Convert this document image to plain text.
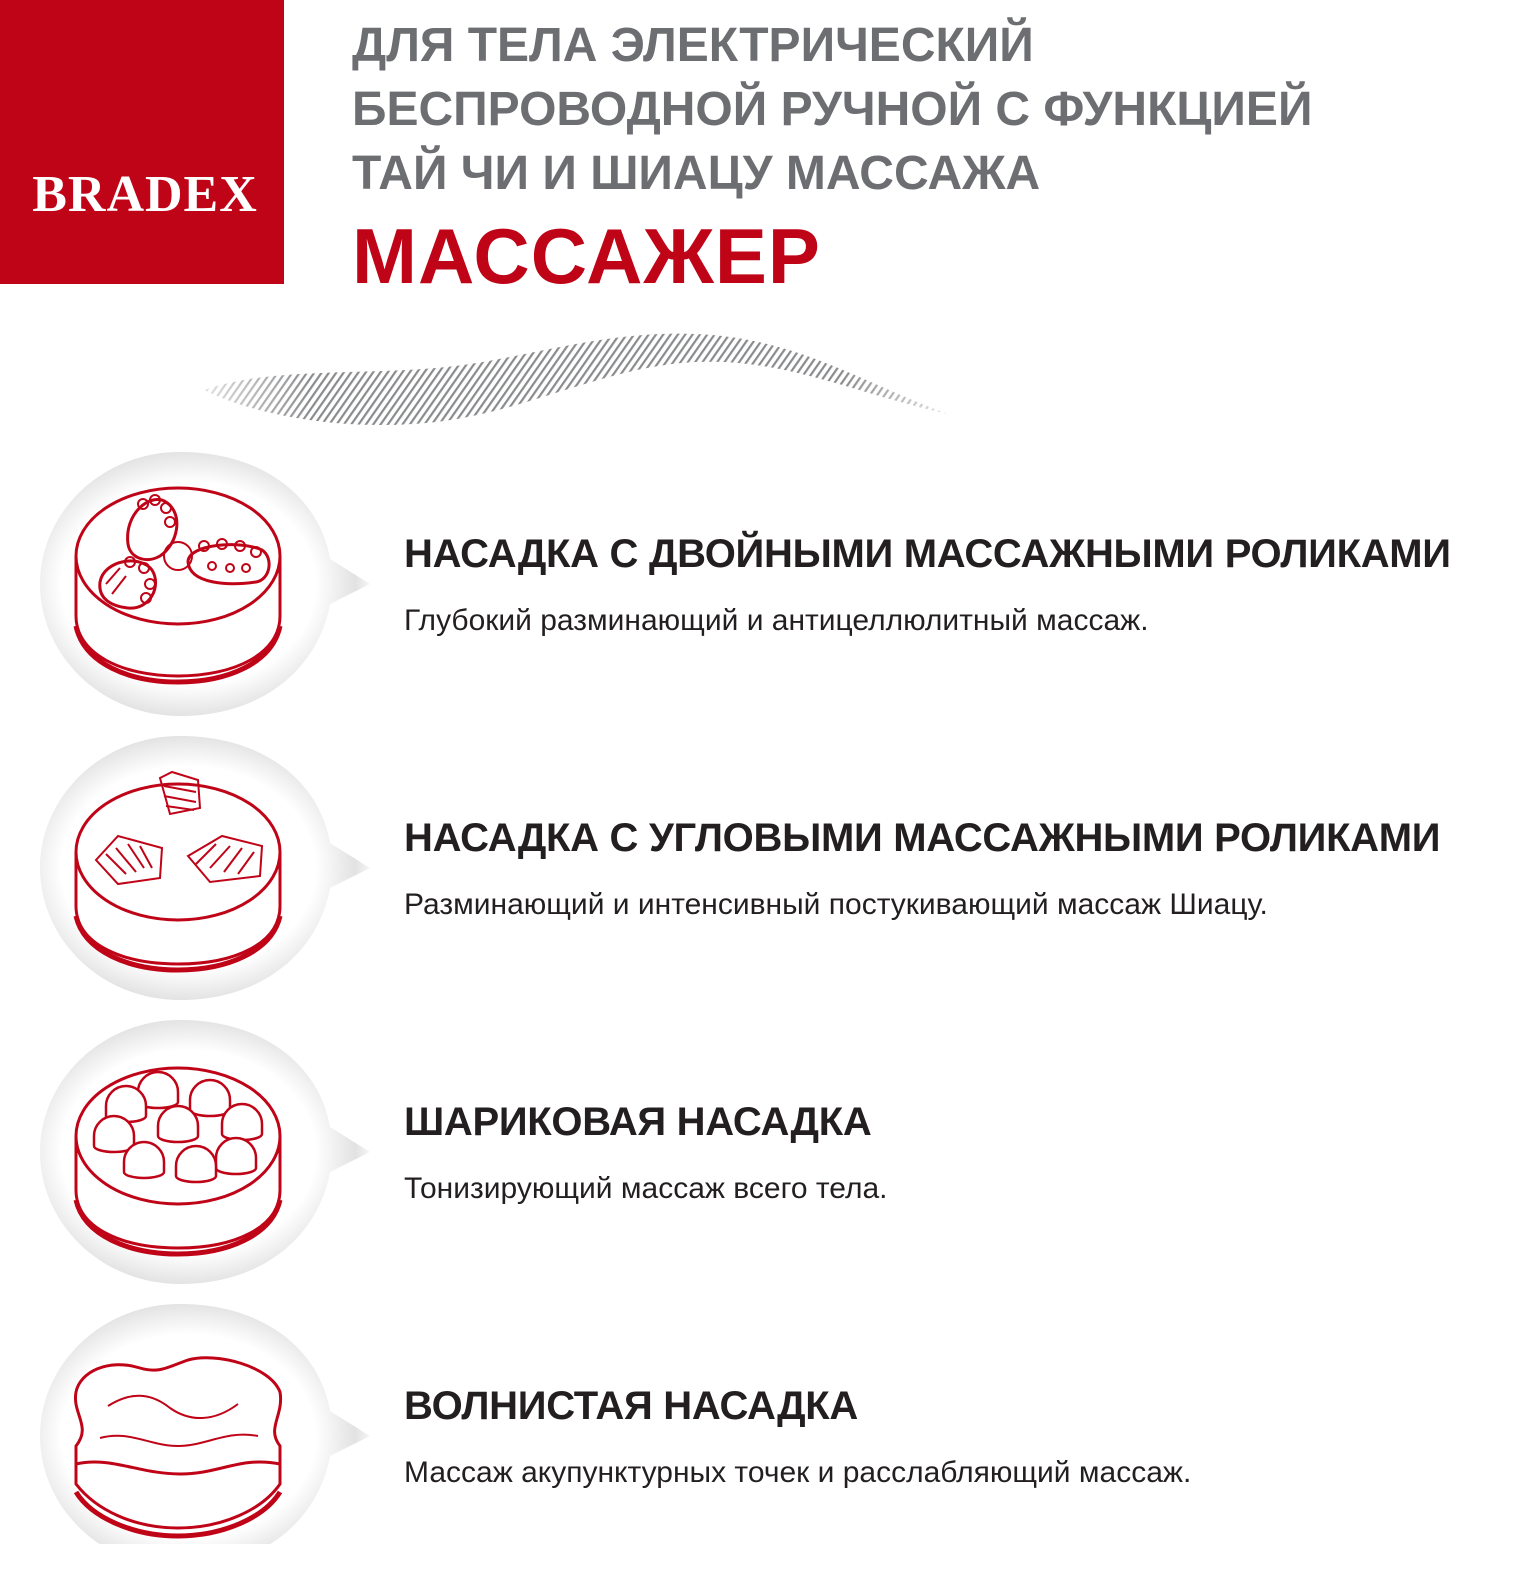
BRADEX
ДЛЯ ТЕЛА ЭЛЕКТРИЧЕСКИЙ
БЕСПРОВОДНОЙ РУЧНОЙ С ФУНКЦИЕЙ
ТАЙ ЧИ И ШИАЦУ МАССАЖА
МАССАЖЕР
НАСАДКА С ДВОЙНЫМИ МАССАЖНЫМИ РОЛИКАМИ

Глубокий разминающий и антицеллюлитный массаж.

НАСАДКА С УГЛОВЫМИ МАССАЖНЫМИ РОЛИКАМИ

Разминающий и интенсивный постукивающий массаж Шиацу.

ШАРИКОВАЯ НАСАДКА

Тонизирующий массаж всего тела.

ВОЛНИСТАЯ НАСАДКА

Массаж акупунктурных точек и расслабляющий массаж.
